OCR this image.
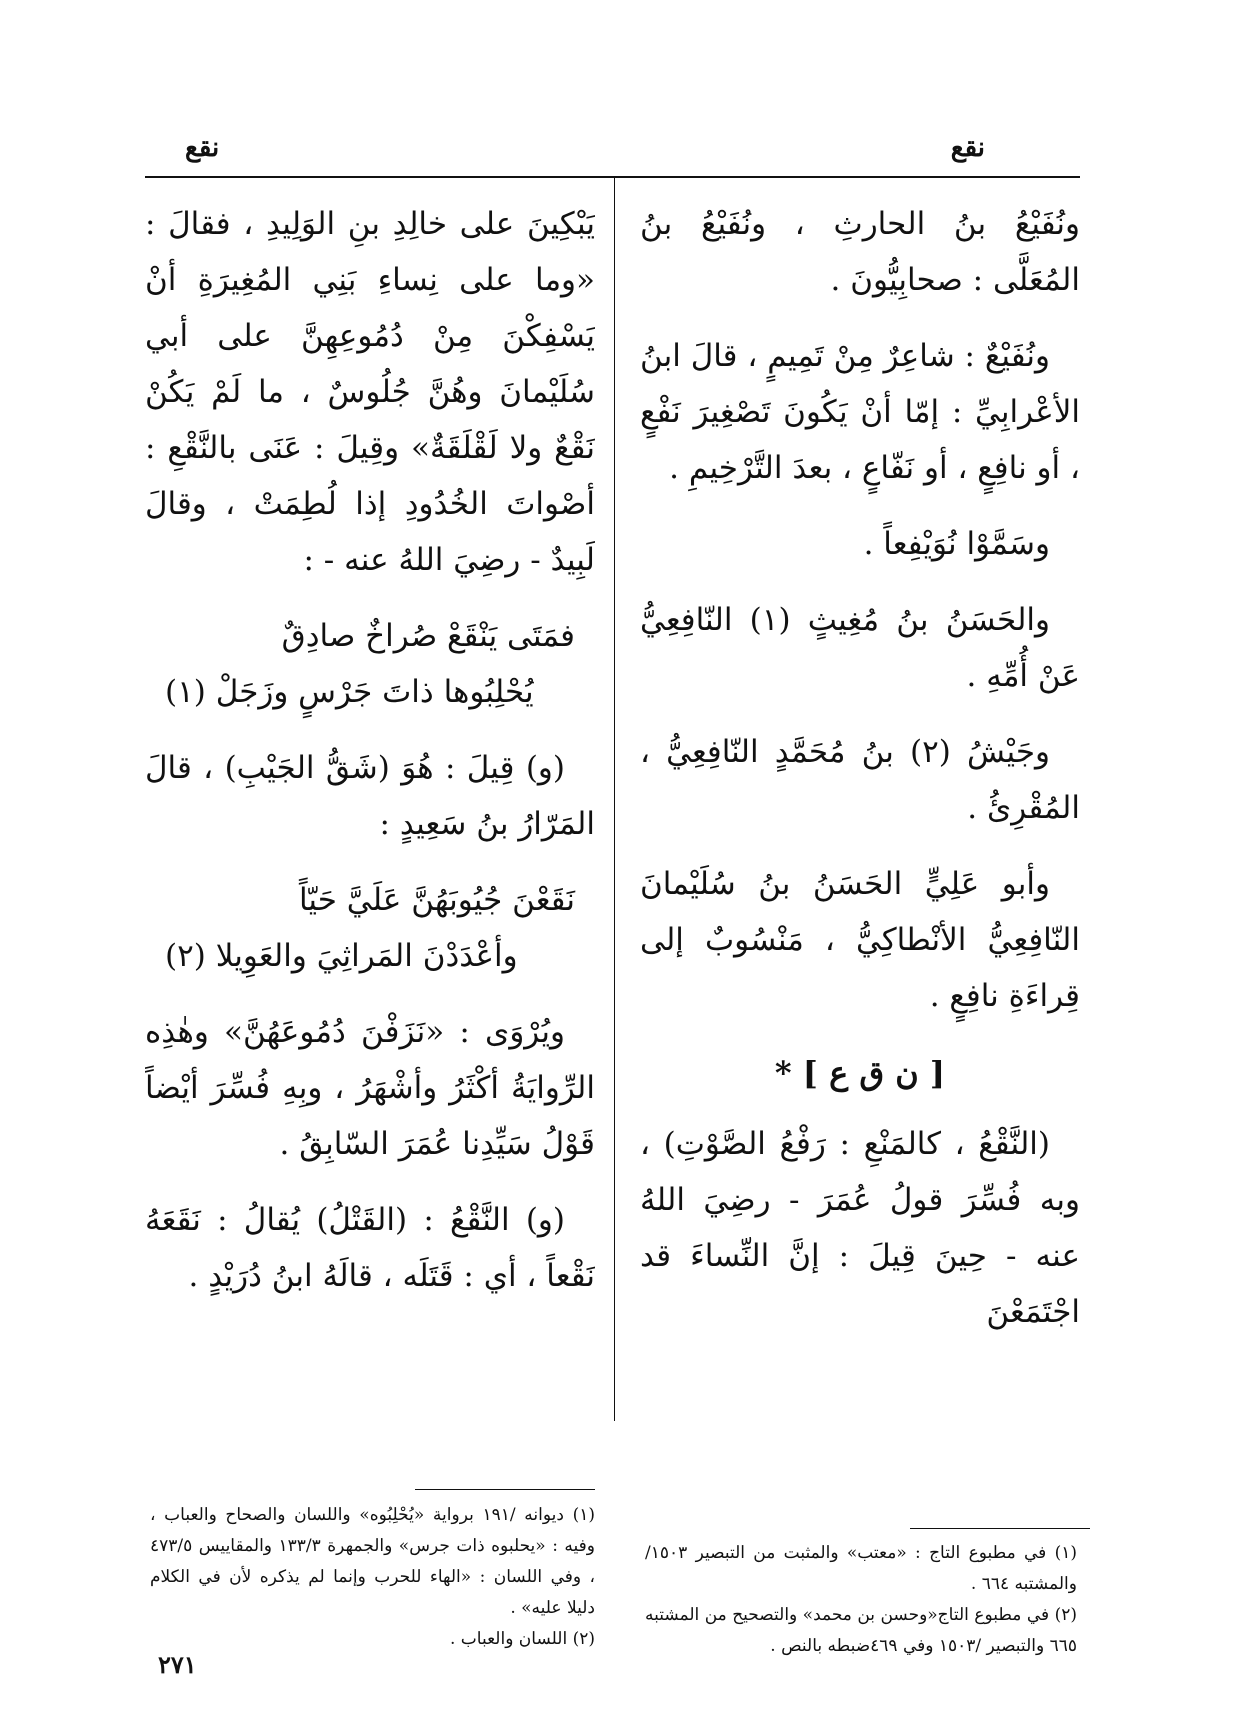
نقع
نقع

ونُفَيْعُ بنُ الحارثِ ، ونُفَيْعُ بنُ المُعَلَّى : صحابِيُّونَ .

ونُفَيْعٌ : شاعِرٌ مِنْ تَمِيمٍ ، قالَ ابنُ الأعْرابِيِّ : إمّا أنْ يَكُونَ تَصْغِيرَ نَفْعٍ ، أو نافِعٍ ، أو نَفّاعٍ ، بعدَ التَّرْخِيمِ .

وسَمَّوْا نُوَيْفِعاً .

والحَسَنُ بنُ مُغِيثٍ (١) النّافِعِيُّ عَنْ أُمِّهِ .

وجَيْشُ (٢) بنُ مُحَمَّدٍ النّافِعِيُّ ، المُقْرِئُ .

وأبو عَلِيٍّ الحَسَنُ بنُ سُلَيْمانَ النّافِعِيُّ الأنْطاكِيُّ ، مَنْسُوبٌ إلى قِراءَةِ نافِعٍ .

[ ن ق ع ] *

(النَّقْعُ ، كالمَنْعِ : رَفْعُ الصَّوْتِ) ، وبه فُسِّرَ قولُ عُمَرَ - رضِيَ اللهُ عنه - حِينَ قِيلَ : إنَّ النِّساءَ قد اجْتَمَعْنَ

يَبْكِينَ على خالِدِ بنِ الوَلِيدِ ، فقالَ : «وما على نِساءِ بَنِي المُغِيرَةِ أنْ يَسْفِكْنَ مِنْ دُمُوعِهِنَّ على أبي سُلَيْمانَ وهُنَّ جُلُوسٌ ، ما لَمْ يَكُنْ نَقْعٌ ولا لَقْلَقَةٌ» وقِيلَ : عَنَى بالنَّقْعِ : أصْواتَ الخُدُودِ إذا لُطِمَتْ ، وقالَ لَبِيدٌ - رضِيَ اللهُ عنه - :

فمَتَى يَنْقَعْ صُراخٌ صادِقٌ
يُحْلِبُوها ذاتَ جَرْسٍ وزَجَلْ (١)

(و) قِيلَ : هُوَ (شَقُّ الجَيْبِ) ، قالَ المَرّارُ بنُ سَعِيدٍ :

نَقَعْنَ جُيُوبَهُنَّ عَلَيَّ حَيّاً
وأعْدَدْنَ المَراثِيَ والعَوِيلا (٢)

ويُرْوَى : «نَزَفْنَ دُمُوعَهُنَّ» وهٰذِه الرِّوايَةُ أكْثَرُ وأشْهَرُ ، وبِهِ فُسِّرَ أيْضاً قَوْلُ سَيِّدِنا عُمَرَ السّابِقُ .

(و) النَّقْعُ : (القَتْلُ) يُقالُ : نَقَعَهُ نَقْعاً ، أي : قَتَلَه ، قالَهُ ابنُ دُرَيْدٍ .

(١) في مطبوع التاج : «معتب» والمثبت من التبصير ١٥٠٣/ والمشتبه ٦٦٤ .

(٢) في مطبوع التاج«وحسن بن محمد» والتصحيح من المشتبه ٦٦٥ والتبصير /١٥٠٣ وفي ٤٦٩ضبطه بالنص .

(١) ديوانه /١٩١ برواية «يُحْلِبُوه» واللسان والصحاح والعباب ، وفيه : «يحلبوه ذات جرس» والجمهرة ١٣٣/٣ والمقاييس ٤٧٣/٥ ، وفي اللسان : «الهاء للحرب وإنما لم يذكره لأن في الكلام دليلا عليه» .

(٢) اللسان والعباب .

٢٧١
